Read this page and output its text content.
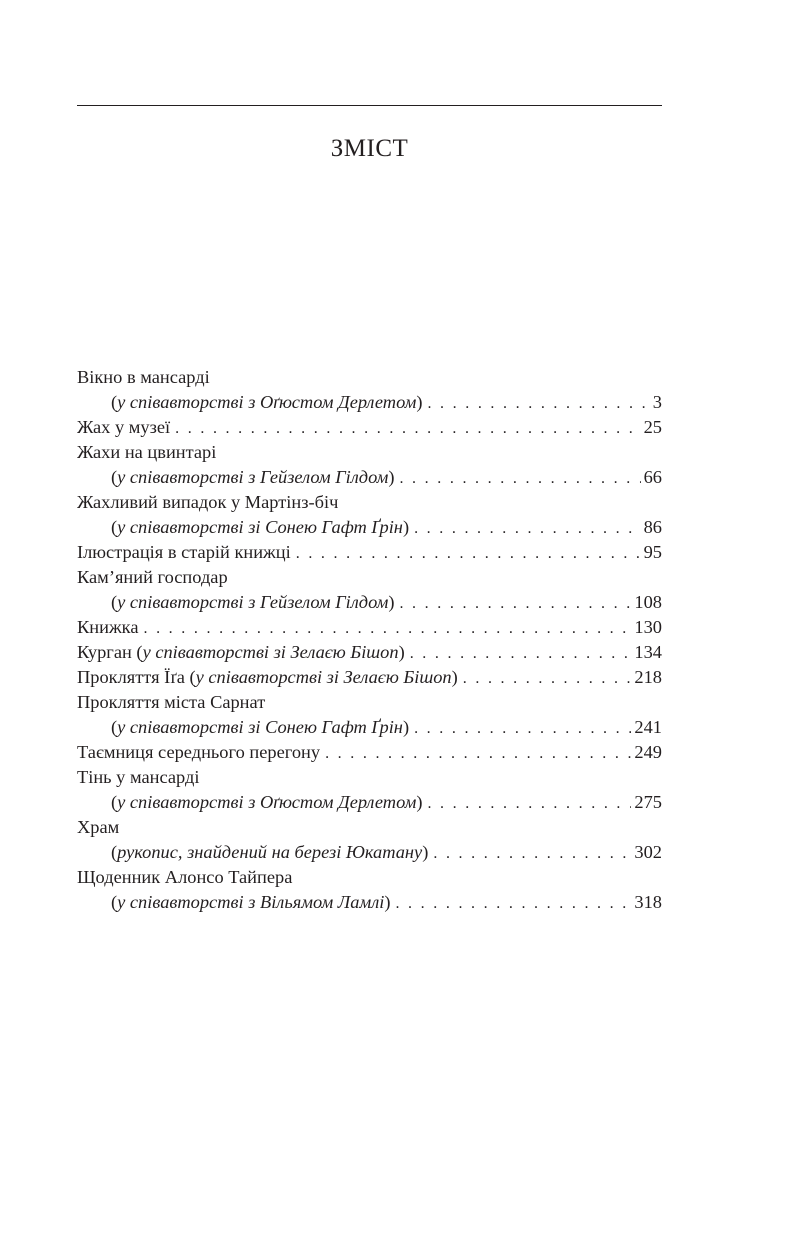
ЗМІСТ
Вікно в мансарді
(у співавторстві з Оґюстом Дерлетом) . . .	3
Жах у музеї . . .	25
Жахи на цвинтарі
(у співавторстві з Гейзелом Гілдом) . . .	66
Жахливий випадок у Мартінз-біч
(у співавторстві зі Сонею Гафт Ґрін) . . .	86
Ілюстрація в старій книжці . . .	95
Кам’яний господар
(у співавторстві з Гейзелом Гілдом) . . .	108
Книжка . . .	130
Курган (у співавторстві зі Зелаєю Бішоп) . . .	134
Прокляття Їґа (у співавторстві зі Зелаєю Бішоп) . . .	218
Прокляття міста Сарнат
(у співавторстві зі Сонею Гафт Ґрін) . . .	241
Таємниця середнього перегону . . .	249
Тінь у мансарді
(у співавторстві з Оґюстом Дерлетом) . . .	275
Храм
(рукопис, знайдений на березі Юкатану) . . .	302
Щоденник Алонсо Тайпера
(у співавторстві з Вільямом Ламлі) . . .	318
